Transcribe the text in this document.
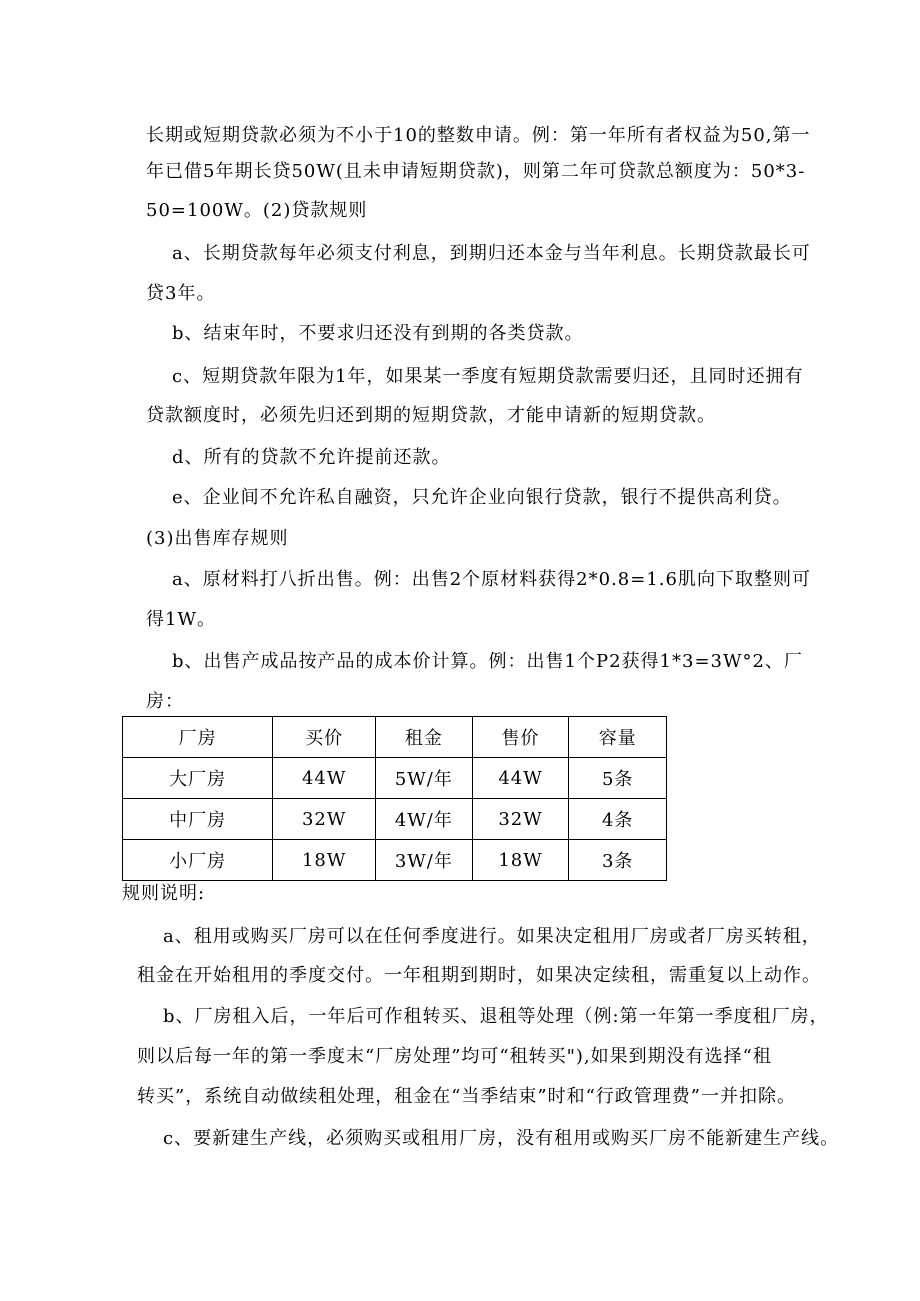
长期或短期贷款必须为不小于10的整数申请。例：第一年所有者权益为50,第一
年已借5年期长贷50W(且未申请短期贷款)，则第二年可贷款总额度为：50*3-
50=100W。(2)贷款规则
a、长期贷款每年必须支付利息，到期归还本金与当年利息。长期贷款最长可
贷3年。
b、结束年时，不要求归还没有到期的各类贷款。
c、短期贷款年限为1年，如果某一季度有短期贷款需要归还，且同时还拥有
贷款额度时，必须先归还到期的短期贷款，才能申请新的短期贷款。
d、所有的贷款不允许提前还款。
e、企业间不允许私自融资，只允许企业向银行贷款，银行不提供高利贷。
(3)出售库存规则
a、原材料打八折出售。例：出售2个原材料获得2*0.8=1.6肌向下取整则可
得1W。
b、出售产成品按产品的成本价计算。例：出售1个P2获得1*3=3W°2、厂
房：
厂房	买价	租金	售价	容量
大厂房	44W	5W/年	44W	5条
中厂房	32W	4W/年	32W	4条
小厂房	18W	3W/年	18W	3条
规则说明:
a、租用或购买厂房可以在任何季度进行。如果决定租用厂房或者厂房买转租，
租金在开始租用的季度交付。一年租期到期时，如果决定续租，需重复以上动作。
b、厂房租入后，一年后可作租转买、退租等处理（例:第一年第一季度租厂房，
则以后每一年的第一季度末“厂房处理”均可“租转买"),如果到期没有选择“租
转买”，系统自动做续租处理，租金在“当季结束”时和“行政管理费”一并扣除。
c、要新建生产线，必须购买或租用厂房，没有租用或购买厂房不能新建生产线。
